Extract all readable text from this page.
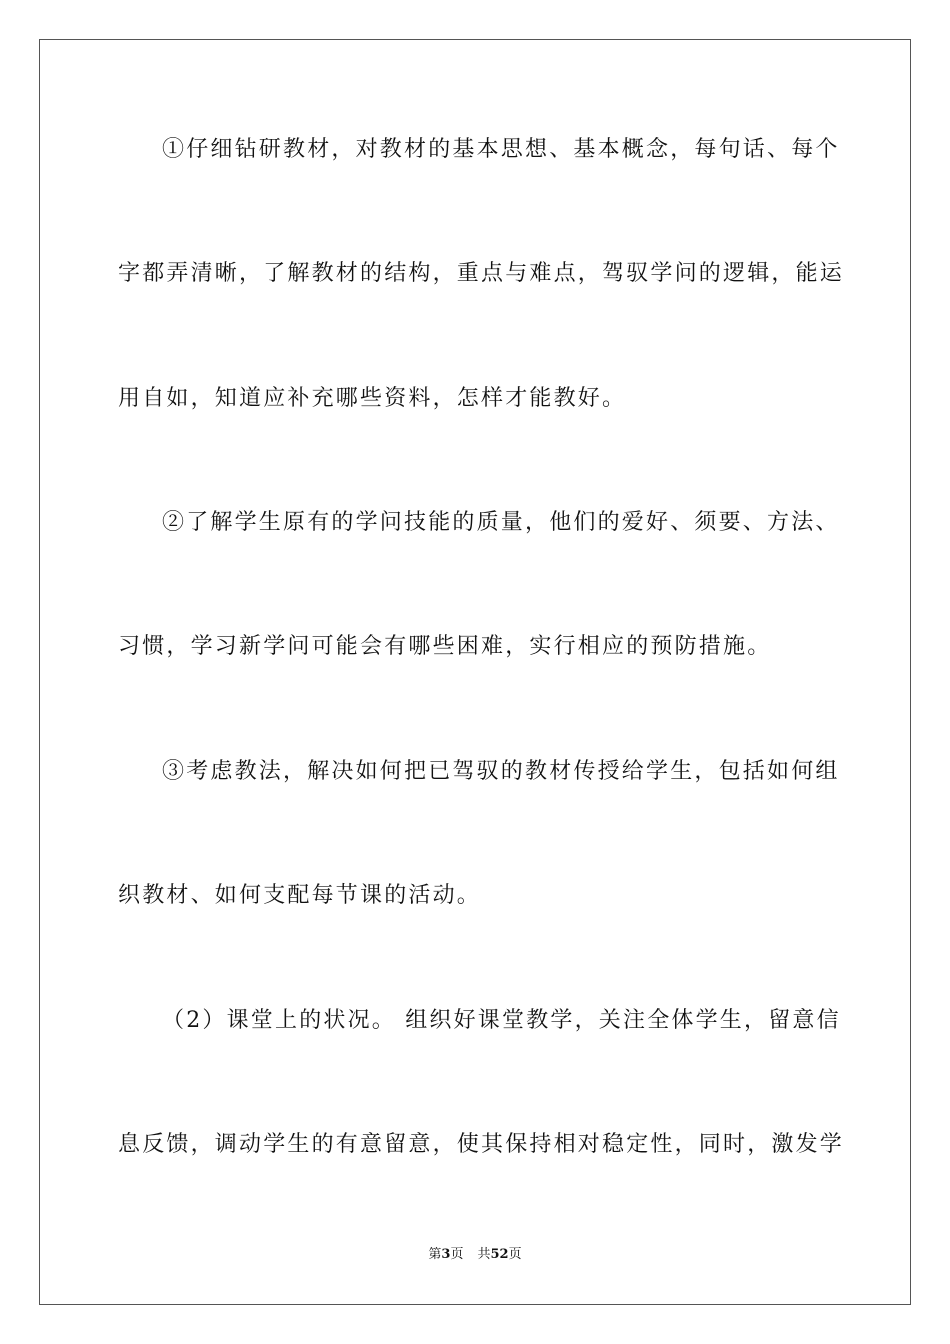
①仔细钻研教材，对教材的基本思想、基本概念，每句话、每个
字都弄清晰，了解教材的结构，重点与难点，驾驭学问的逻辑，能运
用自如，知道应补充哪些资料，怎样才能教好。
②了解学生原有的学问技能的质量，他们的爱好、须要、方法、
习惯，学习新学问可能会有哪些困难，实行相应的预防措施。
③考虑教法，解决如何把已驾驭的教材传授给学生，包括如何组
织教材、如何支配每节课的活动。
（2）课堂上的状况。 组织好课堂教学，关注全体学生，留意信
息反馈，调动学生的有意留意，使其保持相对稳定性，同时，激发学
第3页 共52页
